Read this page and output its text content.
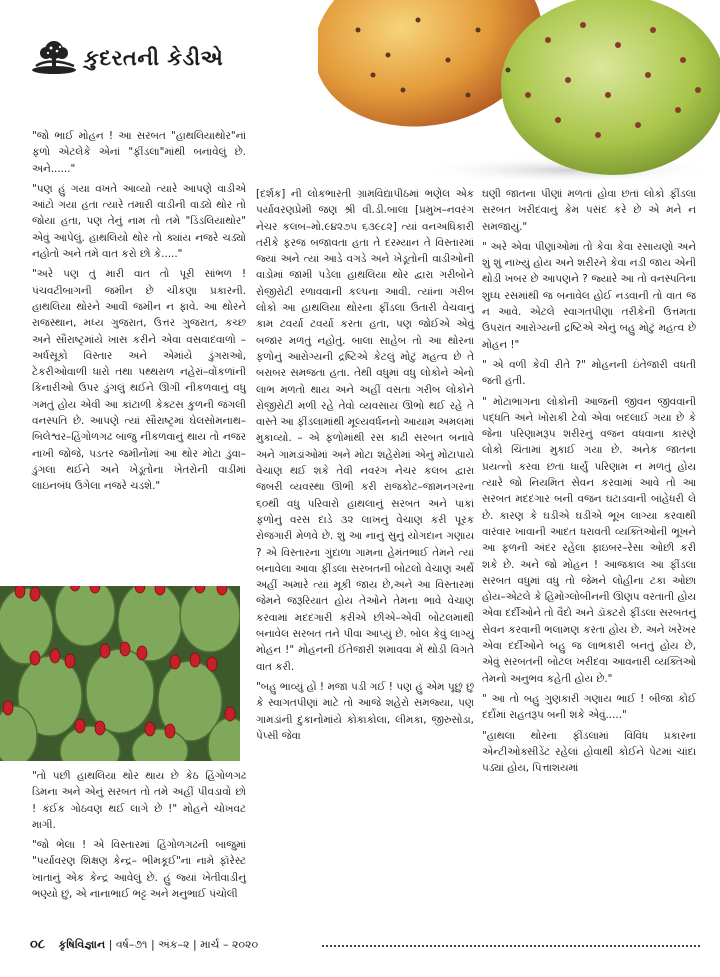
કુદરતની કેડીએ

"જો ભાઈ મોહન ! આ સરબત "હાથલિયાથોર"નાં ફળો એટલેકે એનાં "ફીંડલા"માંથી બનાવેલું છે. અને......"

"પણ હું ગયા વખતે આવ્યો ત્યારે આપણે વાડીએ આંટો ગયા હતા ત્યારે તમારી વાડીની વાડ્યે થોર તો જોયા હતા, પણ તેનું નામ તો તમે "ડિંડલિયાથોર" એવું આપેલું. હાથલિયો થોર તો ક્યાંય નજરે ચડ્યો નહોતો અને તમે વાત કરો છો કે....."

"અરે પણ તું મારી વાત તો પૂરી સાંભળ ! પંચવટીબાગની જમીન છે ચીકણા પ્રકારની. હાથલિયા થોરને આવી જમીન ન ફાવે. આ થોરને રાજસ્થાન, મધ્ય ગુજરાત, ઉત્તર ગુજરાત, કચ્છ અને સૌરાષ્ટ્રમાંયે ખાસ કરીને એવા વસવાદવાળો –અર્ધસૂકો વિસ્તાર અને એમાંયે ડુંગરાઓ, ટેકરીઓવાળી ધારો તથા પથ્થરાળ નહેરાં–વોંકળાંની કિનારીઓ ઉપર ડુંગલું થઈને ઊગી નીકળવાનું વધુ ગમતું હોય એવી આ કાંટાળી કેક્ટસ કુળની જંગલી વનસ્પતિ છે. આપણે ત્યાં સૌરાષ્ટ્રમાં ઘેલસોમનાથ–બિલેશ્વર–હિંગોળગઢ બાજુ નીકળવાનું થાય તો નજર નાખી જોજે, પડતર જમીનોમાં આ થોર મોટા ડુંવા–ડુંગલા થઈને અને ખેડૂતોના ખેતરોની વાડીમાં લાઇનબંધ ઉગેલા નજરે ચડશે."

"તો પછી હાથલિયા થોર થાય છે કેઠ હિંગોળગઢ ડિમના અને એનું સરબત તો તમે અહીં પીવડાવો છો ! કંઈક ગોઠવણ થઈ લાગે છે !" મોહને ચોખવટ માગી.

"જો ભેલા ! એ વિસ્તારમાં હિંગોળગઢની બાજુમાં "પર્યાવરણ શિક્ષણ કેન્દ્ર– ભીમકૂઈ"ના નામે ફૉરેસ્ટ ખાતાનું એક કેન્દ્ર આવેલું છે. હું જ્યાં ખેતીવાડીનું ભણ્યો છું, એ નાનાભાઈ ભટ્ટ અને મનુભાઈ પંચોલી

[દર્શક] ની લોકભારતી ગ્રામવિદ્યાપીઠમાં ભણેલ એક પર્યાવરણપ્રેમી જણ શ્રી વી.ડી.બાલા [પ્રમુખ–નવરંગ નેચર કલબ–મો.૯૪૨૭૫ ૬૩૯૮૨] ત્યાં વનઅધિકારી તરીકે ફરજ બજાવતા હતા તે દરમ્યાન તે વિસ્તારમાં જ્યાં અને ત્યાં આડે વગડે અને ખેડૂતોની વાડીઓની વાડોમાં જામી પડેલા હાથલિયા થોર દ્વારા ગરીબોને રોજીરોટી રળાવવાની કલ્પના આવી. ત્યાંના ગરીબ લોકો આ હાથલિયા થોરના ફીંડલા ઉતારી વેચવાનું કામ ટવર્યા ટવર્યા કરતા હતા, પણ જોઈએ એવું બજાર મળતું નહોતું. બાલા સાહેબ તો આ થોરના ફળોનું આરોગ્યની દ્રષ્ટિએ કેટલું મોટું મહત્વ છે તે બરાબર સમજતા હતા. તેથી વધુમાં વધુ લોકોને એનો લાભ મળતો થાય અને અહીં વસતા ગરીબ લોકોને રોજીરોટી મળી રહે તેવો વ્યવસાય ઊભો થઈ રહે તે વાસ્તે આ ફીંડલામાંથી મૂલ્યવર્ધનનો આયામ અમલમાં મુકાવ્યો. – એ ફળોમાંથી રસ કાઢી સરબત બનાવે અને ગામડાંઓમાં અને મોટા શહેરોમાં એનું મોટાપાયે વેચાણ થઈ શકે તેવી નવરંગ નેચર કલબ દ્વારા જબરી વ્યવસ્થા ઊભી કરી રાજકોટ–જામનગરના ૬૦થી વધુ પરિવારો હાથલાનું સરબત અને પાકાં ફળોનું વરસ દાડે ૩૨ લાખનું વેચાણ કરી પૂરક રોજગારી મેળવે છે. શું આ નાનું સુનું યોગદાન ગણાય ? એ વિસ્તારના ગુંદાળા ગામના હેમંતભાઈ તેમને ત્યાં બનાવેલા આવા ફીંડલા સરબતની બોટલો વેચાણ અર્થે અહીં અમારે ત્યાં મૂકી જાય છે,અને આ વિસ્તારમાં જેમને જરૂરિયાત હોય તેઓને તેમના ભાવે વેચાણ કરવામાં મદદગારી કરીએ છીએ–એવી બોટલમાંથી બનાવેલ સરબત તને પીવા આપ્યું છે. બોલ કેવું લાગ્યું મોહન !" મોહનની ઈંતેજારી શમાવવા મેં થોડી વિગતે વાત કરી.

"બહુ ભાવ્યું હોં ! મજા પડી ગઈ ! પણ હું એમ પૂછું છું કે સ્વાગતપીણાં માટે તો આજે શહેરો સમજ્યા, પણ ગામડાંની દુકાનોમાંયે કોકાકોલા, લીમકા, જીરુસોડા, પેપ્સી જેવા

ઘણી જાતના પીણાં મળતાં હોવા છતાં લોકો ફીંડલા સરબત ખરીદવાનું કેમ પસંદ કરે છે એ મને ન સમજાયું."

" અરે એવા પીણાંઓમાં તો કેવા કેવા રસાયણો અને શું શું નાખ્યું હોય અને શરીરને કેવા નડી જાય એની થોડી ખબર છે આપણને ? જ્યારે આ તો વનસ્પતિના શુધ્ધ રસમાંથી જ બનાવેલ હોઈ નડવાની તો વાત જ ન આવે. એટલે સ્વાગતપીણા તરીકેની ઉત્તમતા ઉપરાંત આરોગ્યની દ્રષ્ટિએ એનું બહુ મોટું મહત્વ છે મોહન !"

" એ વળી કેવી રીતે ?" મોહનની ઇંતેજારી વધતી જતી હતી.

" મોટાભાગના લોકોની આજની જીવન જીવવાની પદ્ધતિ અને ખોરાકી ટેવો એવા બદલાઈ ગયા છે કે જેના પરિણામરૂપ શરીરનું વજન વધવાના કારણે લોકો ચિંતામાં મુકાઈ ગયા છે. અનેક જાતના પ્રયત્નો કરવા છતાં ધાર્યું પરિણામ ન મળતું હોય ત્યારે જો નિયમિત સેવન કરવામાં આવે તો આ સરબત મદદગાર બની વજન ઘટાડવાની બાંહેધરી લે છે. કારણ કે ઘડીએ ઘડીએ ભૂખ લાગ્યા કરવાથી વારંવાર ખાવાની આદત ધરાવતી વ્યક્તિઓની ભૂખને આ ફળની અંદર રહેલા ફાઇબર–રેસા ઓછી કરી શકે છે. અને જો મોહન ! આજકાલ આ ફીંડલા સરબત વધુમાં વધુ તો જેમને લોહીના ટકા ઓછા હોય–એટલે કે હિમોગ્લોબીનની ઊણપ વરતાતી હોય એવા દર્દીઓને તો વૈદો અને ડૉક્ટરો ફીંડલા સરબતનું સેવન કરવાની ભલામણ કરતા હોય છે. અને ખરેખર એવા દર્દીઓને બહુ જ લાભકારી બનતું હોય છે, એવું સરબતની બોટલ ખરીદવા આવનારી વ્યક્તિઓ તેમનો અનુભવ કહેતી હોય છે."

" આ તો બહુ ગુણકારી ગણાય ભાઈ ! બીજા કોઈ દર્દોમાં રાહતરૂપ બની શકે એવું....."

"હાથલા થોરના ફીંડલામાં વિવિધ પ્રકારના એન્ટીઓક્સીડેંટ રહેલાં હોવાથી કોઈને પેટમાં ચાંદા પડ્યાં હોય, પિત્તાશયમાં

૦૮ કૃષિવિજ્ઞાન | વર્ષ–૭૧ | અંક–૨ | માર્ચ – ૨૦૨૦
